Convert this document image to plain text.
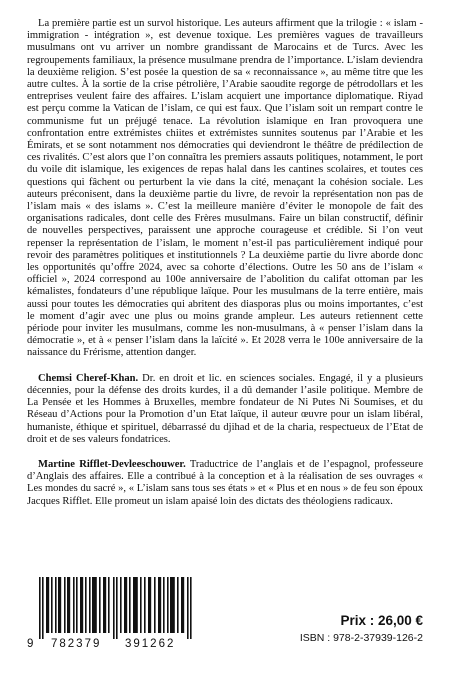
La première partie est un survol historique. Les auteurs affirment que la trilogie : « islam - immigration - intégration », est devenue toxique. Les premières vagues de travailleurs musulmans ont vu arriver un nombre grandissant de Marocains et de Turcs. Avec les regroupements familiaux, la présence musulmane prendra de l’importance. L’islam deviendra la deuxième religion. S’est posée la question de sa « reconnaissance », au même titre que les autre cultes. À la sortie de la crise pétrolière, l’Arabie saoudite regorge de pétrodollars et les entreprises veulent faire des affaires. L’islam acquiert une importance diplomatique. Riyad est perçu comme la Vatican de l’islam, ce qui est faux. Que l’islam soit un rempart contre le communisme fut un préjugé tenace. La révolution islamique en Iran provoquera une confrontation entre extrémistes chiites et extrémistes sunnites soutenus par l’Arabie et les Émirats, et se sont notamment nos démocraties qui deviendront le théâtre de prédilection de ces rivalités. C’est alors que l’on connaîtra les premiers assauts politiques, notamment, le port du voile dit islamique, les exigences de repas halal dans les cantines scolaires, et toutes ces questions qui fâchent ou perturbent la vie dans la cité, menaçant la cohésion sociale. Les auteurs préconisent, dans la deuxième partie du livre, de revoir la représentation non pas de l’islam mais « des islams ». C’est la meilleure manière d’éviter le monopole de fait des organisations radicales, dont celle des Frères musulmans. Faire un bilan constructif, définir de nouvelles perspectives, paraissent une approche courageuse et crédible. Si l’on veut repenser la représentation de l’islam, le moment n’est-il pas particulièrement indiqué pour revoir des paramètres politiques et institutionnels ? La deuxième partie du livre aborde donc les opportunités qu’offre 2024, avec sa cohorte d’élections. Outre les 50 ans de l’islam « officiel », 2024 correspond au 100e anniversaire de l’abolition du califat ottoman par les kémalistes, fondateurs d’une république laïque. Pour les musulmans de la terre entière, mais aussi pour toutes les démocraties qui abritent des diasporas plus ou moins importantes, c’est le moment d’agir avec une plus ou moins grande ampleur. Les auteurs retiennent cette période pour inviter les musulmans, comme les non-musulmans, à « penser l’islam dans la démocratie », et à « penser l’islam dans la laïcité ». Et 2028 verra le 100e anniversaire de la naissance du Frérisme, attention danger.

Chemsi Cheref-Khan. Dr. en droit et lic. en sciences sociales. Engagé, il y a plusieurs décennies, pour la défense des droits kurdes, il a dû demander l’asile politique. Membre de La Pensée et les Hommes à Bruxelles, membre fondateur de Ni Putes Ni Soumises, et du Réseau d’Actions pour la Promotion d’un Etat laïque, il auteur œuvre pour un islam libéral, humaniste, éthique et spirituel, débarrassé du djihad et de la charia, respectueux de l’Etat de droit et de ses valeurs fondatrices.

Martine Rifflet-Devleeschouwer. Traductrice de l’anglais et de l’espagnol, professeure d’Anglais des affaires. Elle a contribué à la conception et à la réalisation de ses ouvrages « Les mondes du sacré », « L’islam sans tous ses états » et « Plus et en nous » de feu son époux Jacques Rifflet. Elle promeut un islam apaisé loin des dictats des théologiens radicaux.

9 782379 391262
Prix : 26,00 €
ISBN : 978-2-37939-126-2
